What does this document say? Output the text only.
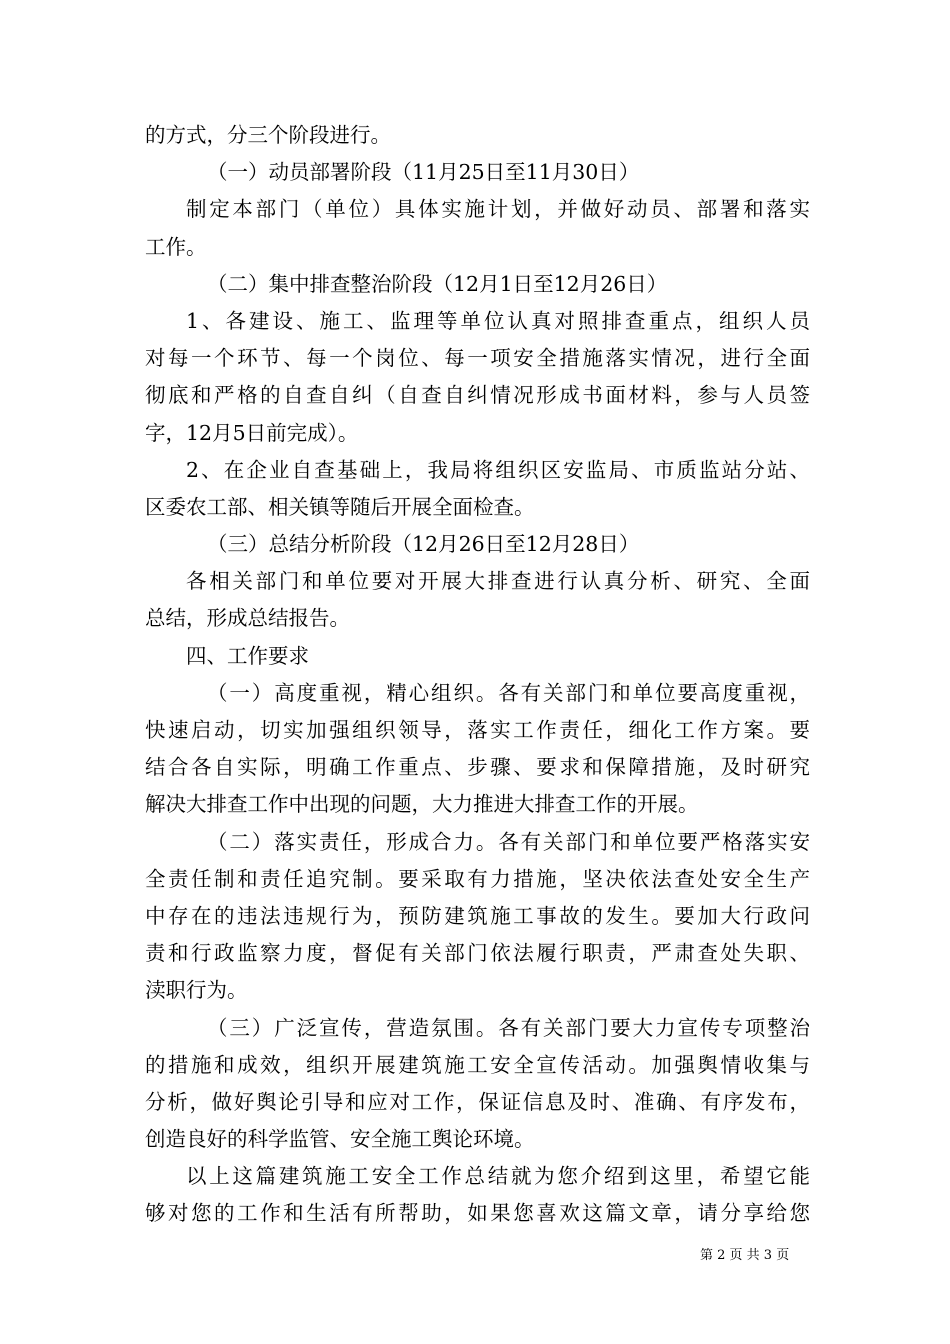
的方式，分三个阶段进行。
（一）动员部署阶段（11月25日至11月30日）
制定本部门（单位）具体实施计划，并做好动员、部署和落实
工作。
（二）集中排查整治阶段（12月1日至12月26日）
1、各建设、施工、监理等单位认真对照排查重点，组织人员
对每一个环节、每一个岗位、每一项安全措施落实情况，进行全面
彻底和严格的自查自纠（自查自纠情况形成书面材料，参与人员签
字，12月5日前完成）。
2、在企业自查基础上，我局将组织区安监局、市质监站分站、
区委农工部、相关镇等随后开展全面检查。
（三）总结分析阶段（12月26日至12月28日）
各相关部门和单位要对开展大排查进行认真分析、研究、全面
总结，形成总结报告。
四、工作要求
（一）高度重视，精心组织。各有关部门和单位要高度重视，
快速启动，切实加强组织领导，落实工作责任，细化工作方案。要
结合各自实际，明确工作重点、步骤、要求和保障措施，及时研究
解决大排查工作中出现的问题，大力推进大排查工作的开展。
（二）落实责任，形成合力。各有关部门和单位要严格落实安
全责任制和责任追究制。要采取有力措施，坚决依法查处安全生产
中存在的违法违规行为，预防建筑施工事故的发生。要加大行政问
责和行政监察力度，督促有关部门依法履行职责，严肃查处失职、
渎职行为。
（三）广泛宣传，营造氛围。各有关部门要大力宣传专项整治
的措施和成效，组织开展建筑施工安全宣传活动。加强舆情收集与
分析，做好舆论引导和应对工作，保证信息及时、准确、有序发布，
创造良好的科学监管、安全施工舆论环境。
以上这篇建筑施工安全工作总结就为您介绍到这里，希望它能
够对您的工作和生活有所帮助，如果您喜欢这篇文章，请分享给您
第 2 页 共 3 页
